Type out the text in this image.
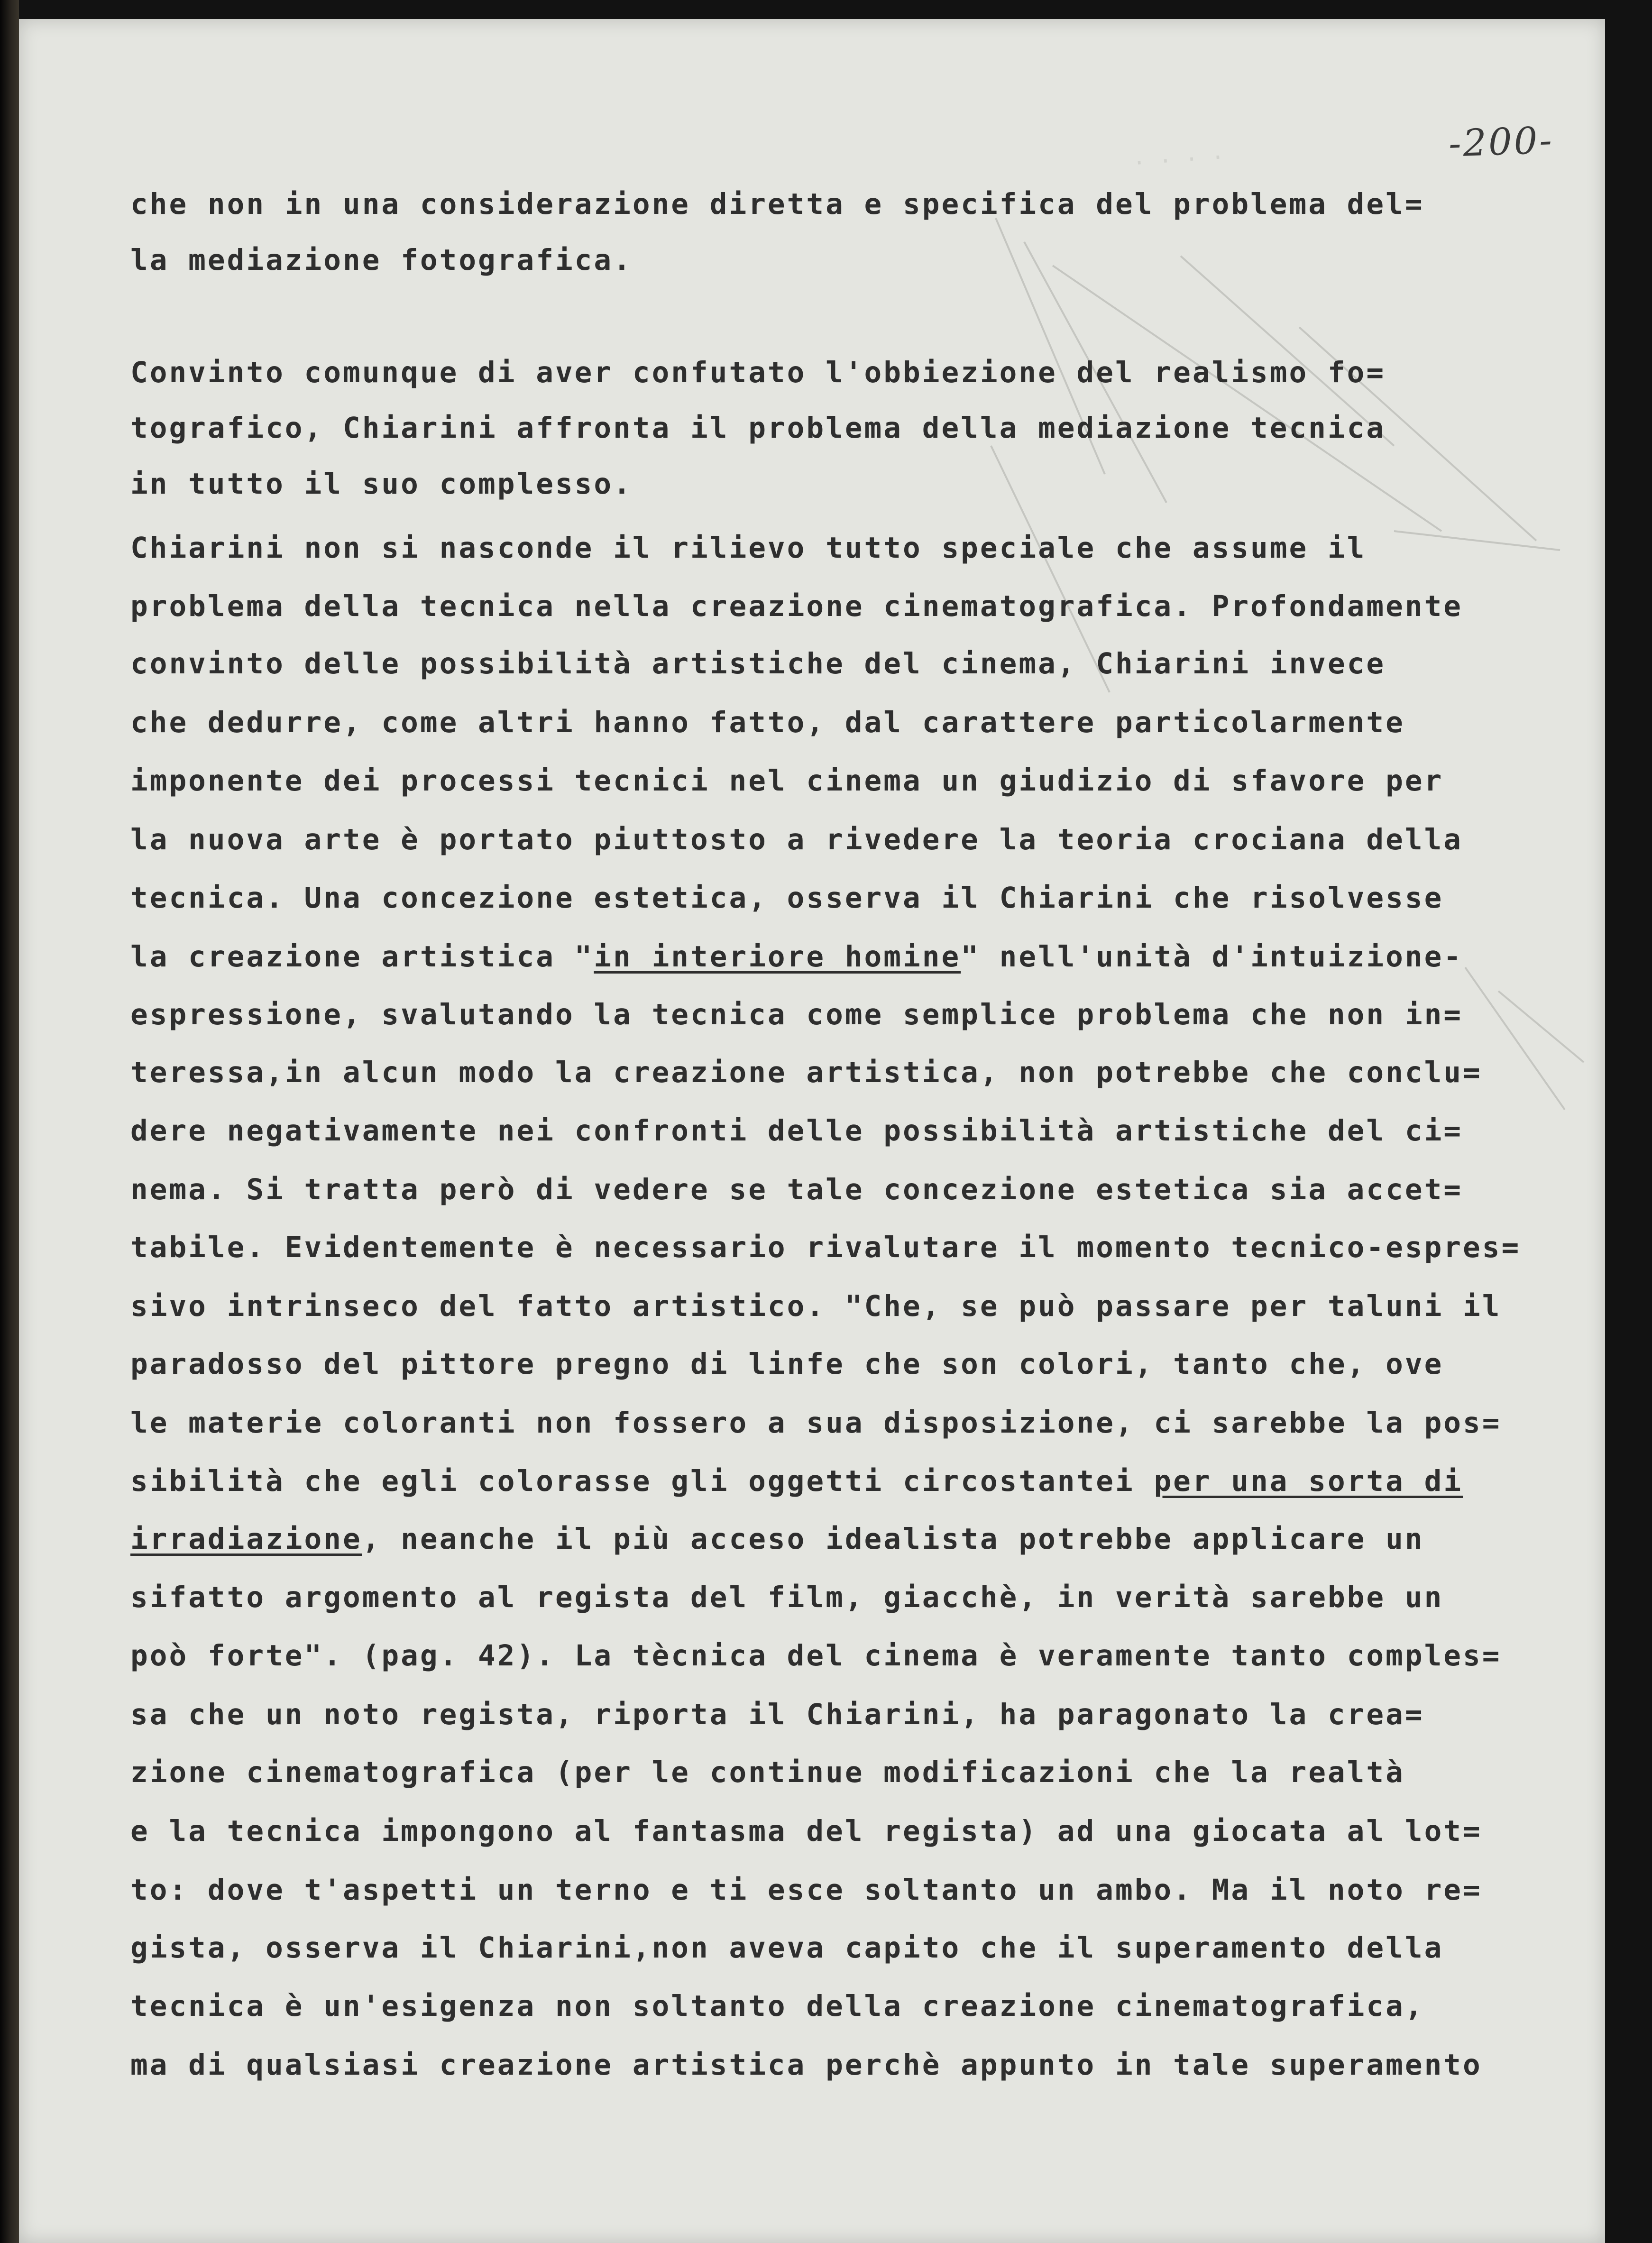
· · · ·	-200-
che non in una considerazione diretta e specifica del problema del=
la mediazione fotografica.
Convinto comunque di aver confutato l'obbiezione del realismo fo=
tografico, Chiarini affronta il problema della mediazione tecnica
in tutto il suo complesso.
Chiarini non si nasconde il rilievo tutto speciale che assume il
problema della tecnica nella creazione cinematografica. Profondamente
convinto delle possibilità artistiche del cinema, Chiarini invece
che dedurre, come altri hanno fatto, dal carattere particolarmente
imponente dei processi tecnici nel cinema un giudizio di sfavore per
la nuova arte è portato piuttosto a rivedere la teoria crociana della
tecnica. Una concezione estetica, osserva il Chiarini che risolvesse
la creazione artistica "in interiore homine" nell'unità d'intuizione-
espressione, svalutando la tecnica come semplice problema che non in=
teressa,in alcun modo la creazione artistica, non potrebbe che conclu=
dere negativamente nei confronti delle possibilità artistiche del ci=
nema. Si tratta però di vedere se tale concezione estetica sia accet=
tabile. Evidentemente è necessario rivalutare il momento tecnico-espres=
sivo intrinseco del fatto artistico. "Che, se può passare per taluni il
paradosso del pittore pregno di linfe che son colori, tanto che, ove
le materie coloranti non fossero a sua disposizione, ci sarebbe la pos=
sibilità che egli colorasse gli oggetti circostantei per una sorta di
irradiazione, neanche il più acceso idealista potrebbe applicare un
sifatto argomento al regista del film, giacchè, in verità sarebbe un
poò forte". (pag. 42). La tècnica del cinema è veramente tanto comples=
sa che un noto regista, riporta il Chiarini, ha paragonato la crea=
zione cinematografica (per le continue modificazioni che la realtà
e la tecnica impongono al fantasma del regista) ad una giocata al lot=
to: dove t'aspetti un terno e ti esce soltanto un ambo. Ma il noto re=
gista, osserva il Chiarini,non aveva capito che il superamento della
tecnica è un'esigenza non soltanto della creazione cinematografica,
ma di qualsiasi creazione artistica perchè appunto in tale superamento
